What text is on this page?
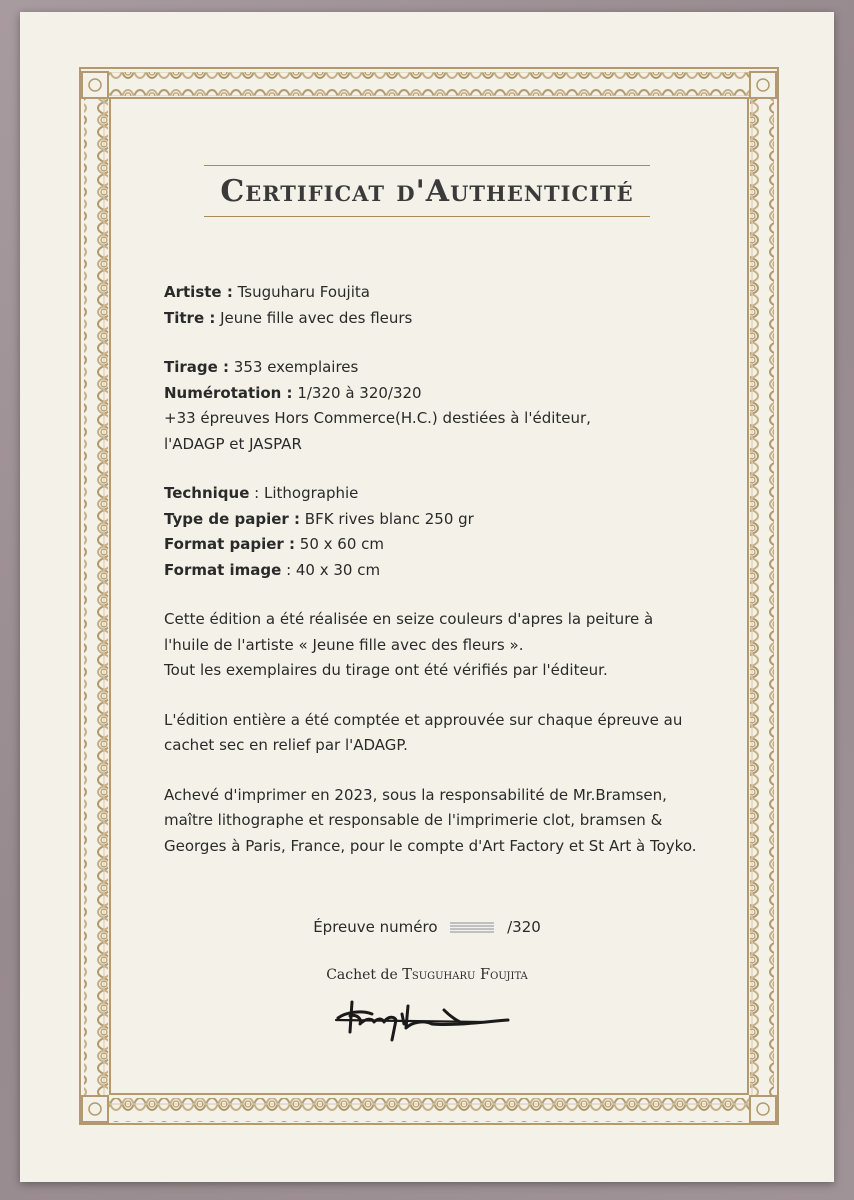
Certificat d'Authenticité
Artiste : Tsuguharu Foujita
Titre : Jeune fille avec des fleurs
Tirage : 353 exemplaires
Numérotation : 1/320 à 320/320
+33 épreuves Hors Commerce(H.C.) destiées à l'éditeur,
l'ADAGP et JASPAR
Technique : Lithographie
Type de papier : BFK rives blanc 250 gr
Format papier : 50 x 60 cm
Format image : 40 x 30 cm
Cette édition a été réalisée en seize couleurs d'apres la peiture à
l'huile de l'artiste « Jeune fille avec des fleurs ».
Tout les exemplaires du tirage ont été vérifiés par l'éditeur.
L'édition entière a été comptée et approuvée sur chaque épreuve au
cachet sec en relief par l'ADAGP.
Achevé d'imprimer en 2023, sous la responsabilité de Mr.Bramsen,
maître lithographe et responsable de l'imprimerie clot, bramsen &
Georges à Paris, France, pour le compte d'Art Factory et St Art à Toyko.
Épreuve numéro	/320
Cachet de Tsuguharu Foujita
